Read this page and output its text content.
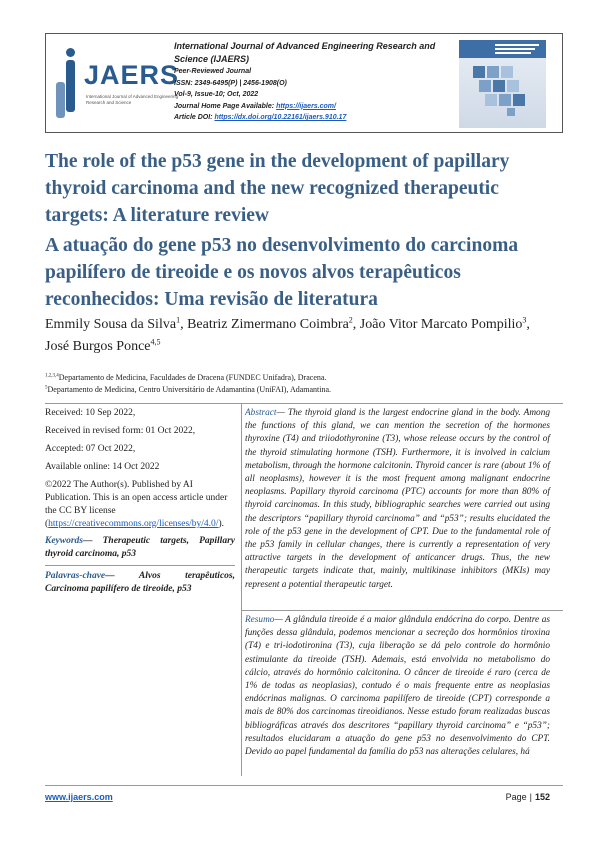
JAERS
International Journal of Advanced Engineering Research and Science
International Journal of Advanced Engineering Research and Science (IJAERS)
Peer-Reviewed Journal
ISSN: 2349-6495(P) | 2456-1908(O)
Vol-9, Issue-10; Oct, 2022
Journal Home Page Available: https://ijaers.com/
Article DOI: https://dx.doi.org/10.22161/ijaers.910.17
The role of the p53 gene in the development of papillary thyroid carcinoma and the new recognized therapeutic targets: A literature review
A atuação do gene p53 no desenvolvimento do carcinoma papilífero de tireoide e os novos alvos terapêuticos reconhecidos: Uma revisão de literatura
Emmily Sousa da Silva$^1$, Beatriz Zimermano Coimbra$^2$, João Vitor Marcato Pompilio$^3$,
José Burgos Ponce$^{4,5}$
$^{1,2,3,4}$Departamento de Medicina, Faculdades de Dracena (FUNDEC Unifadra), Dracena.
$^5$Departamento de Medicina, Centro Universitário de Adamantina (UniFAI), Adamantina.

Received: 10 Sep 2022,

Received in revised form: 01 Oct 2022,

Accepted: 07 Oct 2022,

Available online: 14 Oct 2022

©2022 The Author(s). Published by AI Publication. This is an open access article under the CC BY license (https://creativecommons.org/licenses/by/4.0/).

Keywords— Therapeutic targets, Papillary thyroid carcinoma, p53
Palavras-chave— Alvos terapêuticos, Carcinoma papilífero de tireoide, p53

Abstract— The thyroid gland is the largest endocrine gland in the body. Among the functions of this gland, we can mention the secretion of the hormones thyroxine (T4) and triiodothyronine (T3), whose release occurs by the control of the thyroid stimulating hormone (TSH). Furthermore, it is involved in calcium metabolism, through the hormone calcitonin. Thyroid cancer is rare (about 1% of all neoplasms), however it is the most frequent among malignant endocrine neoplasms. Papillary thyroid carcinoma (PTC) accounts for more than 80% of thyroid carcinomas. In this study, bibliographic searches were carried out using the descriptors “papillary thyroid carcinoma” and “p53”; results elucidated the role of the p53 gene in the development of CPT. Due to the fundamental role of the p53 family in cellular changes, there is currently a representation of very attractive targets in the development of anticancer drugs. Thus, the new therapeutic targets indicate that, mainly, multikinase inhibitors (MKIs) may represent a potential therapeutic target.

Resumo— A glândula tireoide é a maior glândula endócrina do corpo. Dentre as funções dessa glândula, podemos mencionar a secreção dos hormônios tiroxina (T4) e tri-iodotironina (T3), cuja liberação se dá pelo controle do hormônio estimulante da tireoide (TSH). Ademais, está envolvida no metabolismo do cálcio, através do hormônio calcitonina. O câncer de tireoide é raro (cerca de 1% de todas as neoplasias), contudo é o mais frequente entre as neoplasias endócrinas malignas. O carcinoma papilífero de tireoide (CPT) corresponde a mais de 80% dos carcinomas tireoidianos. Nesse estudo foram realizadas buscas bibliográficas através dos descritores “papillary thyroid carcinoma” e “p53”; resultados elucidaram a atuação do gene p53 no desenvolvimento do CPT. Devido ao papel fundamental da família do p53 nas alterações celulares, há

www.ijaers.com	Page | 152
